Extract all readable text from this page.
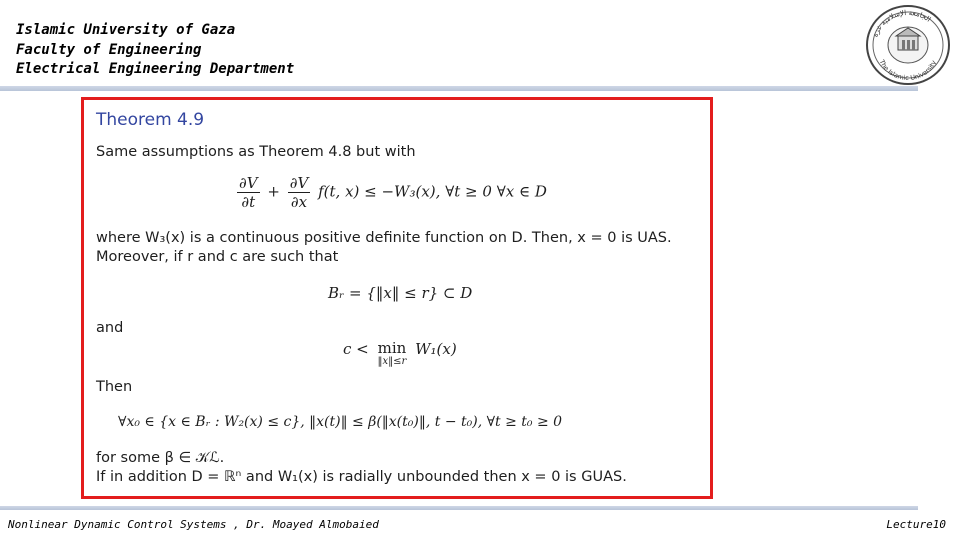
Islamic University of Gaza
Faculty of Engineering
Electrical Engineering Department
الجامعة الإسلامية غزة
The Islamic University
Theorem 4.9
Same assumptions as Theorem 4.8 but with
$\frac{\partial V}{\partial t} + \frac{\partial V}{\partial x} f(t$, x) ≤ −W₃(x), ∀t ≥ 0 ∀x ∈ D
where W₃(x) is a continuous positive definite function on D. Then, x = 0 is UAS.
Moreover, if r and c are such that
Bᵣ = {‖x‖ ≤ r} ⊂ D
and
c < min
‖x‖≤r
W₁(x)
Then
∀x₀ ∈ {x ∈ Bᵣ : W₂(x) ≤ c}, ‖x(t)‖ ≤ β(‖x(t₀)‖, t − t₀), ∀t ≥ t₀ ≥ 0
for some β ∈ 𝒦ℒ.
If in addition D = ℝⁿ and W₁(x) is radially unbounded then x = 0 is GUAS.
Nonlinear Dynamic Control Systems , Dr. Moayed Almobaied	Lecture10
